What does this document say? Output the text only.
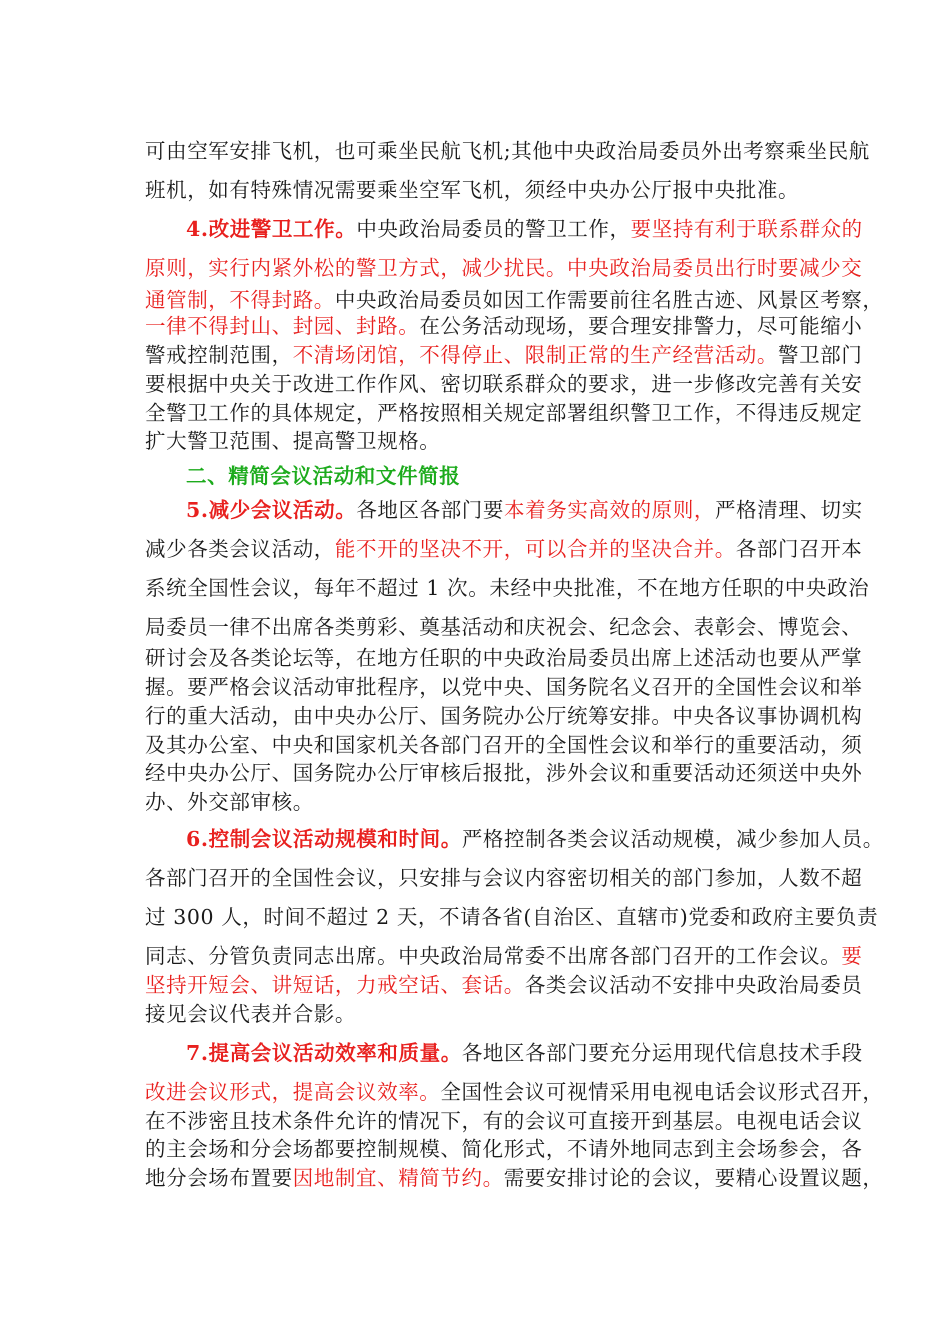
可由空军安排飞机，也可乘坐民航飞机;其他中央政治局委员外出考察乘坐民航
班机，如有特殊情况需要乘坐空军飞机，须经中央办公厅报中央批准。
4.改进警卫工作。中央政治局委员的警卫工作，要坚持有利于联系群众的
原则，实行内紧外松的警卫方式，减少扰民。中央政治局委员出行时要减少交
通管制，不得封路。中央政治局委员如因工作需要前往名胜古迹、风景区考察，
一律不得封山、封园、封路。在公务活动现场，要合理安排警力，尽可能缩小
警戒控制范围，不清场闭馆，不得停止、限制正常的生产经营活动。警卫部门
要根据中央关于改进工作作风、密切联系群众的要求，进一步修改完善有关安
全警卫工作的具体规定，严格按照相关规定部署组织警卫工作，不得违反规定
扩大警卫范围、提高警卫规格。
二、精简会议活动和文件简报
5.减少会议活动。各地区各部门要本着务实高效的原则，严格清理、切实
减少各类会议活动，能不开的坚决不开，可以合并的坚决合并。各部门召开本
系统全国性会议，每年不超过 1 次。未经中央批准，不在地方任职的中央政治
局委员一律不出席各类剪彩、奠基活动和庆祝会、纪念会、表彰会、博览会、
研讨会及各类论坛等，在地方任职的中央政治局委员出席上述活动也要从严掌
握。要严格会议活动审批程序，以党中央、国务院名义召开的全国性会议和举
行的重大活动，由中央办公厅、国务院办公厅统筹安排。中央各议事协调机构
及其办公室、中央和国家机关各部门召开的全国性会议和举行的重要活动，须
经中央办公厅、国务院办公厅审核后报批，涉外会议和重要活动还须送中央外
办、外交部审核。
6.控制会议活动规模和时间。严格控制各类会议活动规模，减少参加人员。
各部门召开的全国性会议，只安排与会议内容密切相关的部门参加，人数不超
过 300 人，时间不超过 2 天，不请各省(自治区、直辖市)党委和政府主要负责
同志、分管负责同志出席。中央政治局常委不出席各部门召开的工作会议。要
坚持开短会、讲短话，力戒空话、套话。各类会议活动不安排中央政治局委员
接见会议代表并合影。
7.提高会议活动效率和质量。各地区各部门要充分运用现代信息技术手段
改进会议形式，提高会议效率。全国性会议可视情采用电视电话会议形式召开，
在不涉密且技术条件允许的情况下，有的会议可直接开到基层。电视电话会议
的主会场和分会场都要控制规模、简化形式，不请外地同志到主会场参会，各
地分会场布置要因地制宜、精简节约。需要安排讨论的会议，要精心设置议题，
